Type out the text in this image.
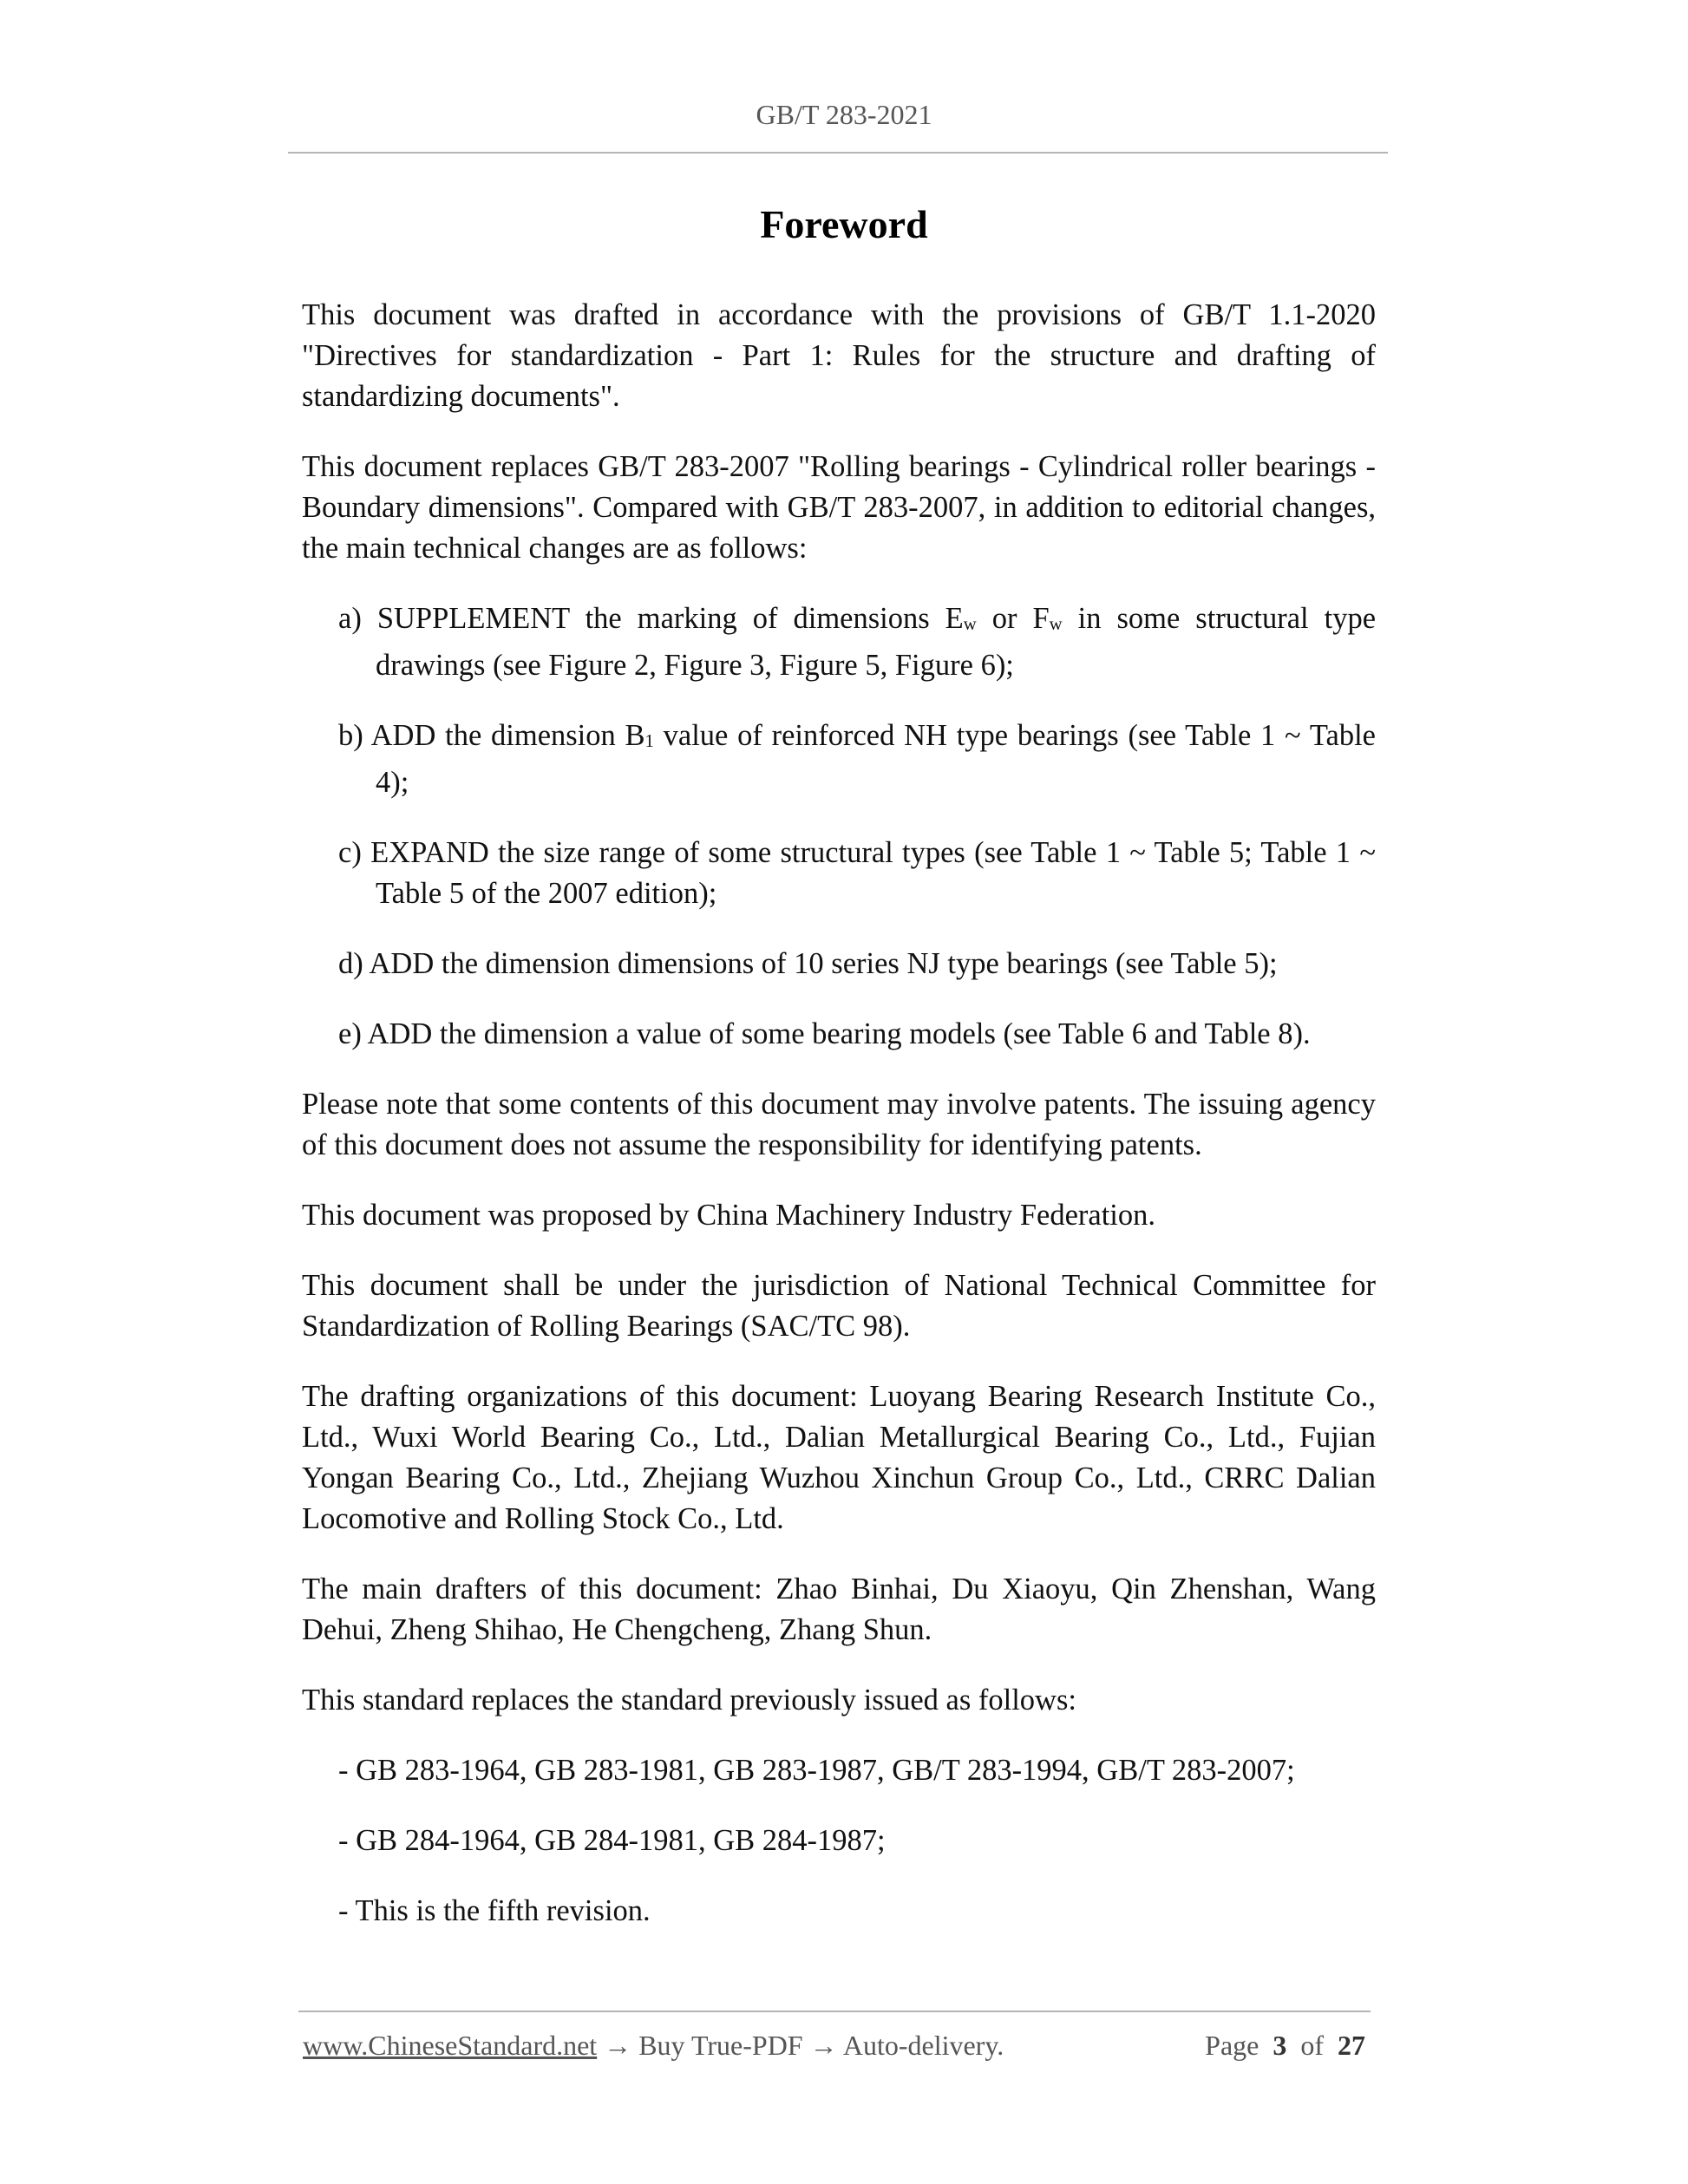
GB/T 283-2021
Foreword

This document was drafted in accordance with the provisions of GB/T 1.1-2020 "Directives for standardization - Part 1: Rules for the structure and drafting of standardizing documents".

This document replaces GB/T 283-2007 "Rolling bearings - Cylindrical roller bearings - Boundary dimensions". Compared with GB/T 283-2007, in addition to editorial changes, the main technical changes are as follows:

a) SUPPLEMENT the marking of dimensions $E_w$ or $F_w$ in some structural type drawings (see Figure 2, Figure 3, Figure 5, Figure 6);

b) ADD the dimension $B_1$ value of reinforced NH type bearings (see Table 1 ~ Table 4);

c) EXPAND the size range of some structural types (see Table 1 ~ Table 5; Table 1 ~ Table 5 of the 2007 edition);

d) ADD the dimension dimensions of 10 series NJ type bearings (see Table 5);

e) ADD the dimension a value of some bearing models (see Table 6 and Table 8).

Please note that some contents of this document may involve patents. The issuing agency of this document does not assume the responsibility for identifying patents.

This document was proposed by China Machinery Industry Federation.

This document shall be under the jurisdiction of National Technical Committee for Standardization of Rolling Bearings (SAC/TC 98).

The drafting organizations of this document: Luoyang Bearing Research Institute Co., Ltd., Wuxi World Bearing Co., Ltd., Dalian Metallurgical Bearing Co., Ltd., Fujian Yongan Bearing Co., Ltd., Zhejiang Wuzhou Xinchun Group Co., Ltd., CRRC Dalian Locomotive and Rolling Stock Co., Ltd.

The main drafters of this document: Zhao Binhai, Du Xiaoyu, Qin Zhenshan, Wang Dehui, Zheng Shihao, He Chengcheng, Zhang Shun.

This standard replaces the standard previously issued as follows:

- GB 283-1964, GB 283-1981, GB 283-1987, GB/T 283-1994, GB/T 283-2007;

- GB 284-1964, GB 284-1981, GB 284-1987;

- This is the fifth revision.

www.ChineseStandard.net → Buy True-PDF → Auto-delivery.	Page 3 of 27
